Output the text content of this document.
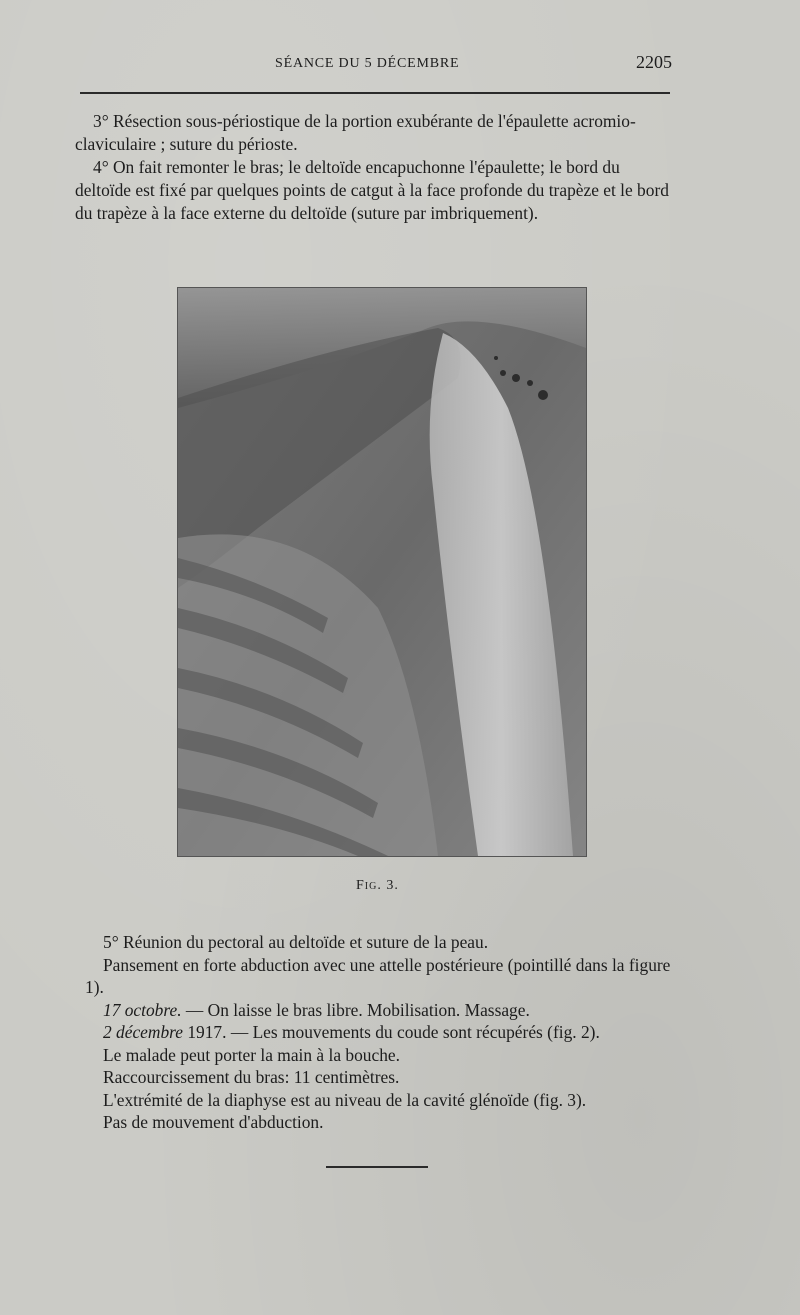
SÉANCE DU 5 DÉCEMBRE	2205

3° Résection sous-périostique de la portion exubérante de l'épaulette acromio-claviculaire ; suture du périoste.

4° On fait remonter le bras; le deltoïde encapuchonne l'épaulette; le bord du deltoïde est fixé par quelques points de catgut à la face profonde du trapèze et le bord du trapèze à la face externe du deltoïde (suture par imbriquement).

Fig. 3.

5° Réunion du pectoral au deltoïde et suture de la peau.

Pansement en forte abduction avec une attelle postérieure (pointillé dans la figure 1).

17 octobre. — On laisse le bras libre. Mobilisation. Massage.

2 décembre 1917. — Les mouvements du coude sont récupérés (fig. 2).

Le malade peut porter la main à la bouche.

Raccourcissement du bras: 11 centimètres.

L'extrémité de la diaphyse est au niveau de la cavité glénoïde (fig. 3).

Pas de mouvement d'abduction.
